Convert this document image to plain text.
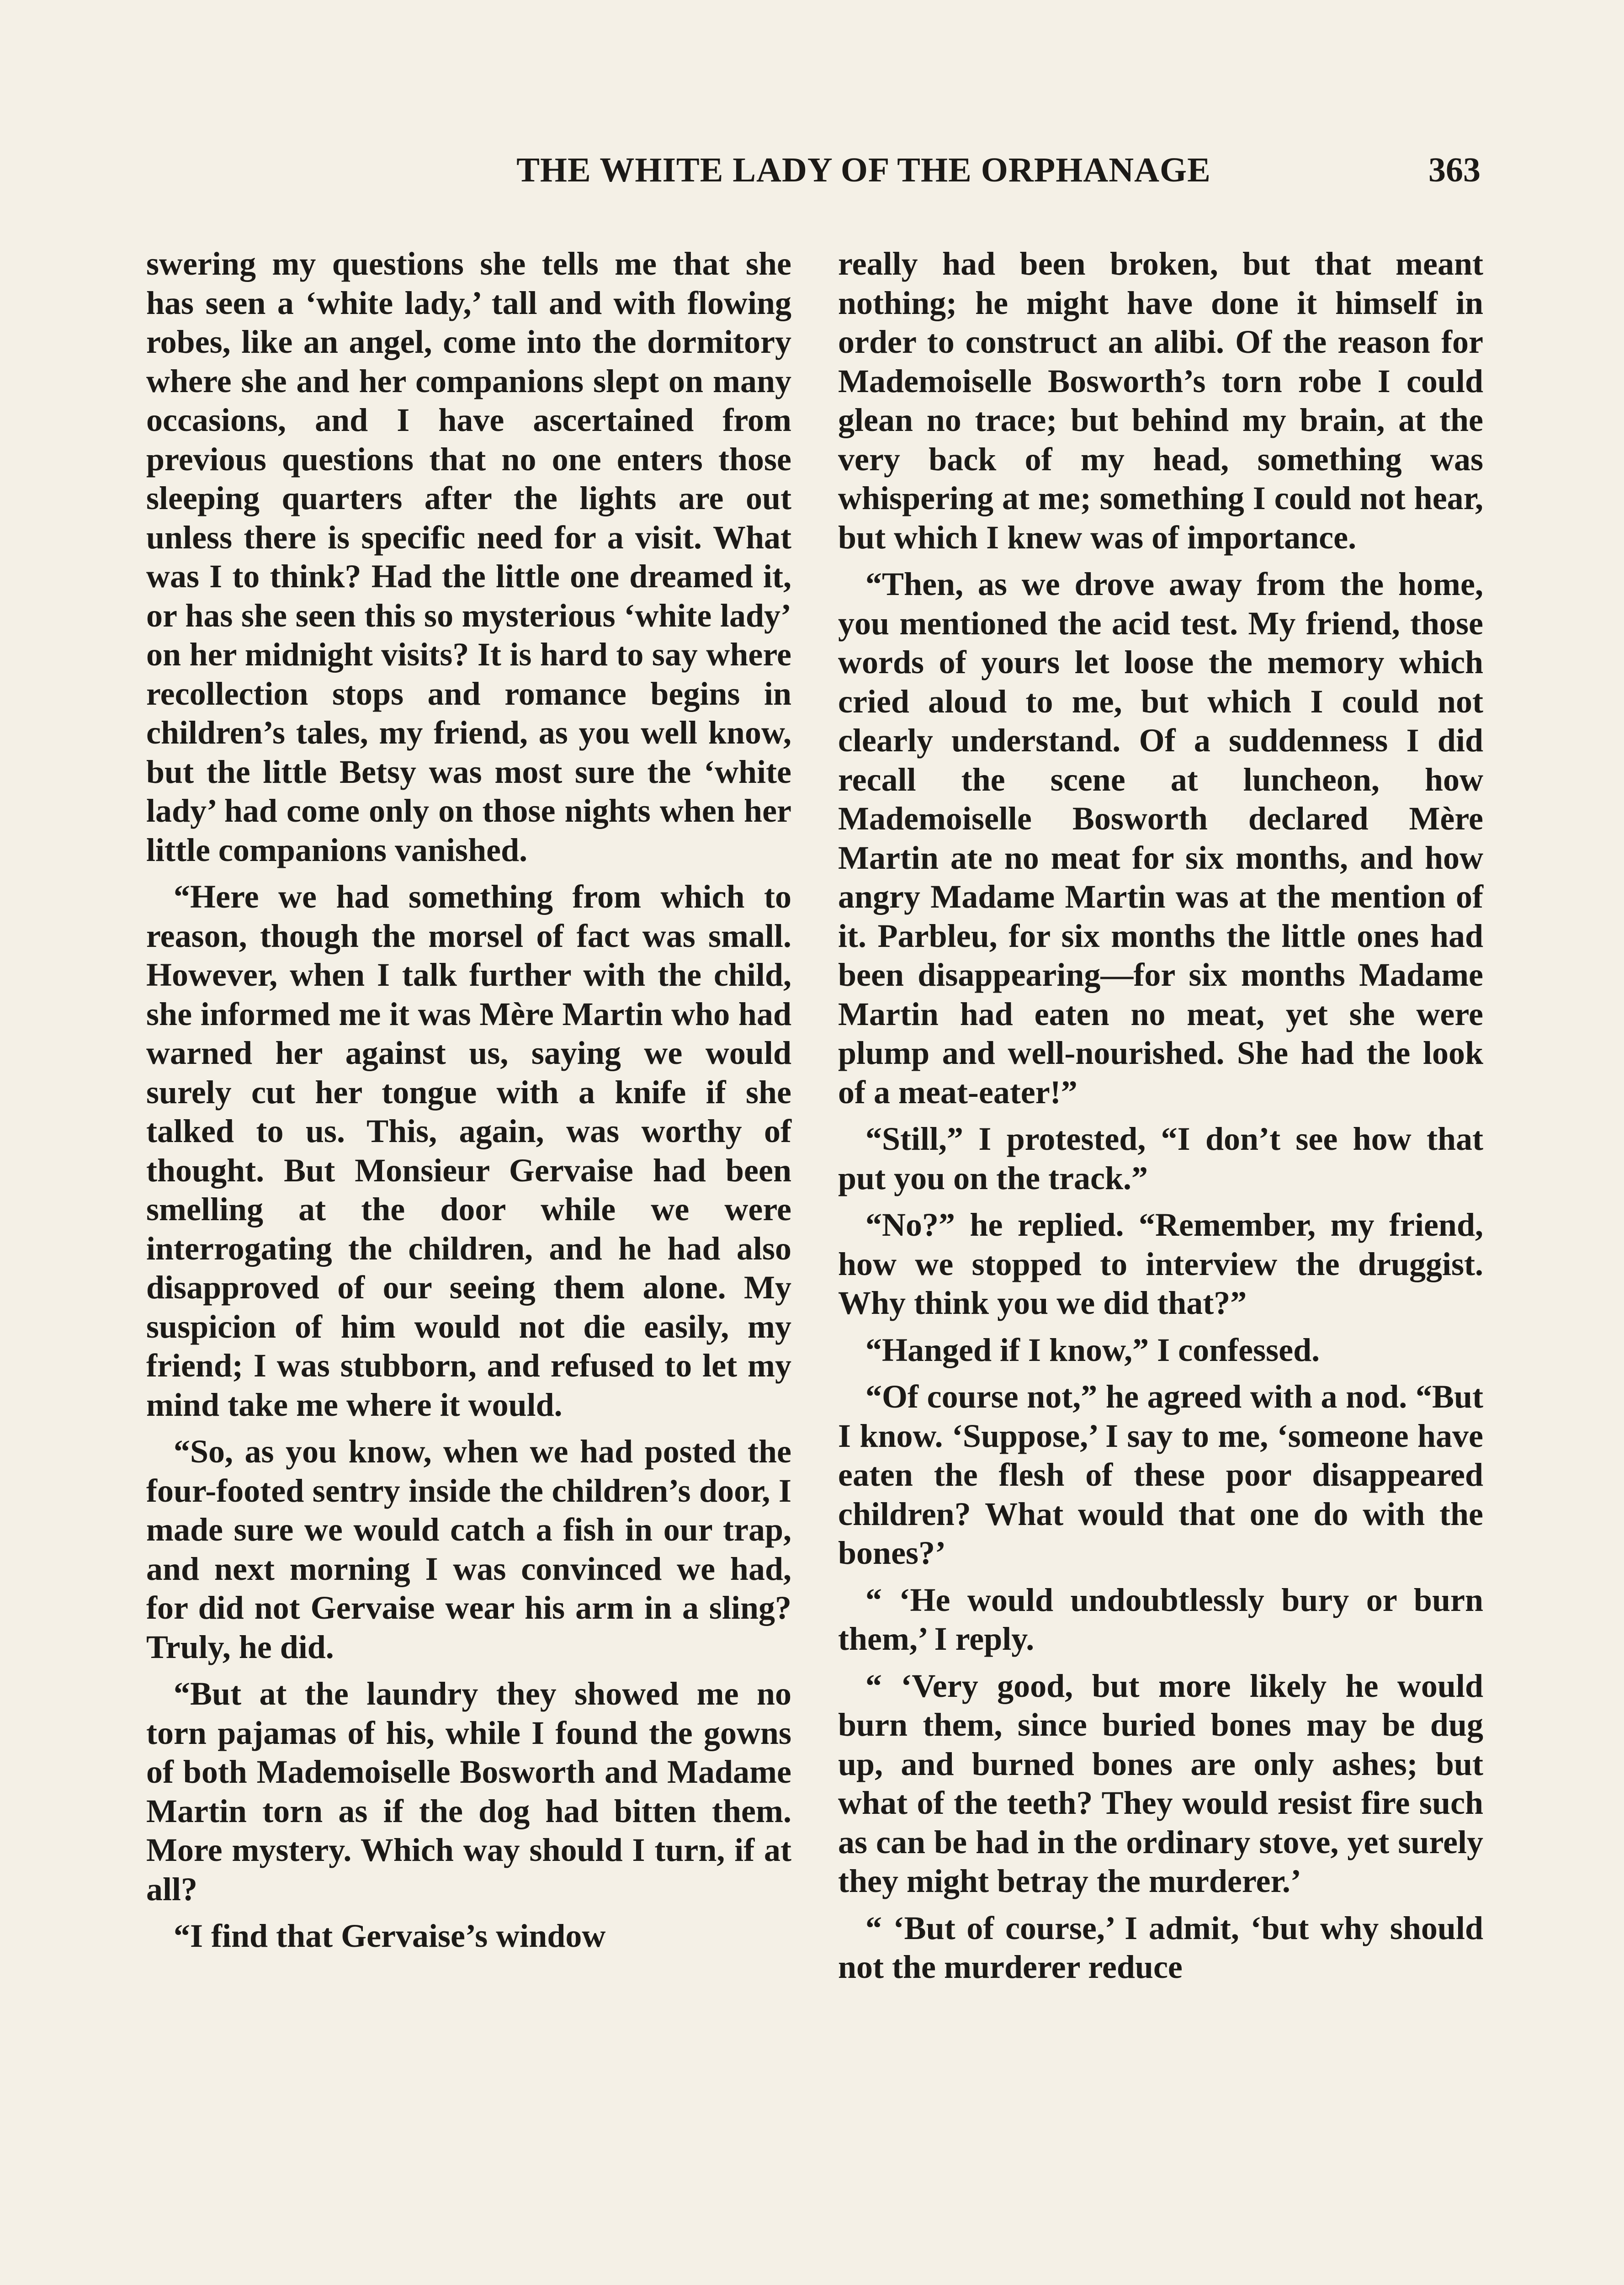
THE WHITE LADY OF THE ORPHANAGE	363

swering my questions she tells me that she has seen a ‘white lady,’ tall and with flowing robes, like an angel, come into the dormitory where she and her companions slept on many occasions, and I have ascertained from previous questions that no one enters those sleeping quarters after the lights are out unless there is specific need for a visit. What was I to think? Had the little one dreamed it, or has she seen this so mysterious ‘white lady’ on her midnight visits? It is hard to say where recollection stops and romance begins in children’s tales, my friend, as you well know, but the little Betsy was most sure the ‘white lady’ had come only on those nights when her little companions vanished.

“Here we had something from which to reason, though the morsel of fact was small. However, when I talk further with the child, she informed me it was Mère Martin who had warned her against us, saying we would surely cut her tongue with a knife if she talked to us. This, again, was worthy of thought. But Monsieur Gervaise had been smelling at the door while we were interrogating the children, and he had also disapproved of our seeing them alone. My suspicion of him would not die easily, my friend; I was stubborn, and refused to let my mind take me where it would.

“So, as you know, when we had posted the four-footed sentry inside the children’s door, I made sure we would catch a fish in our trap, and next morning I was convinced we had, for did not Gervaise wear his arm in a sling? Truly, he did.

“But at the laundry they showed me no torn pajamas of his, while I found the gowns of both Mademoiselle Bosworth and Madame Martin torn as if the dog had bitten them. More mystery. Which way should I turn, if at all?

“I find that Gervaise’s window

really had been broken, but that meant nothing; he might have done it himself in order to construct an alibi. Of the reason for Mademoiselle Bosworth’s torn robe I could glean no trace; but behind my brain, at the very back of my head, something was whispering at me; something I could not hear, but which I knew was of importance.

“Then, as we drove away from the home, you mentioned the acid test. My friend, those words of yours let loose the memory which cried aloud to me, but which I could not clearly understand. Of a suddenness I did recall the scene at luncheon, how Mademoiselle Bosworth declared Mère Martin ate no meat for six months, and how angry Madame Martin was at the mention of it. Parbleu, for six months the little ones had been disappearing—for six months Madame Martin had eaten no meat, yet she were plump and well-nourished. She had the look of a meat-eater!”

“Still,” I protested, “I don’t see how that put you on the track.”

“No?” he replied. “Remember, my friend, how we stopped to interview the druggist. Why think you we did that?”

“Hanged if I know,” I confessed.

“Of course not,” he agreed with a nod. “But I know. ‘Suppose,’ I say to me, ‘someone have eaten the flesh of these poor disappeared children? What would that one do with the bones?’

“ ‘He would undoubtlessly bury or burn them,’ I reply.

“ ‘Very good, but more likely he would burn them, since buried bones may be dug up, and burned bones are only ashes; but what of the teeth? They would resist fire such as can be had in the ordinary stove, yet surely they might betray the murderer.’

“ ‘But of course,’ I admit, ‘but why should not the murderer reduce
